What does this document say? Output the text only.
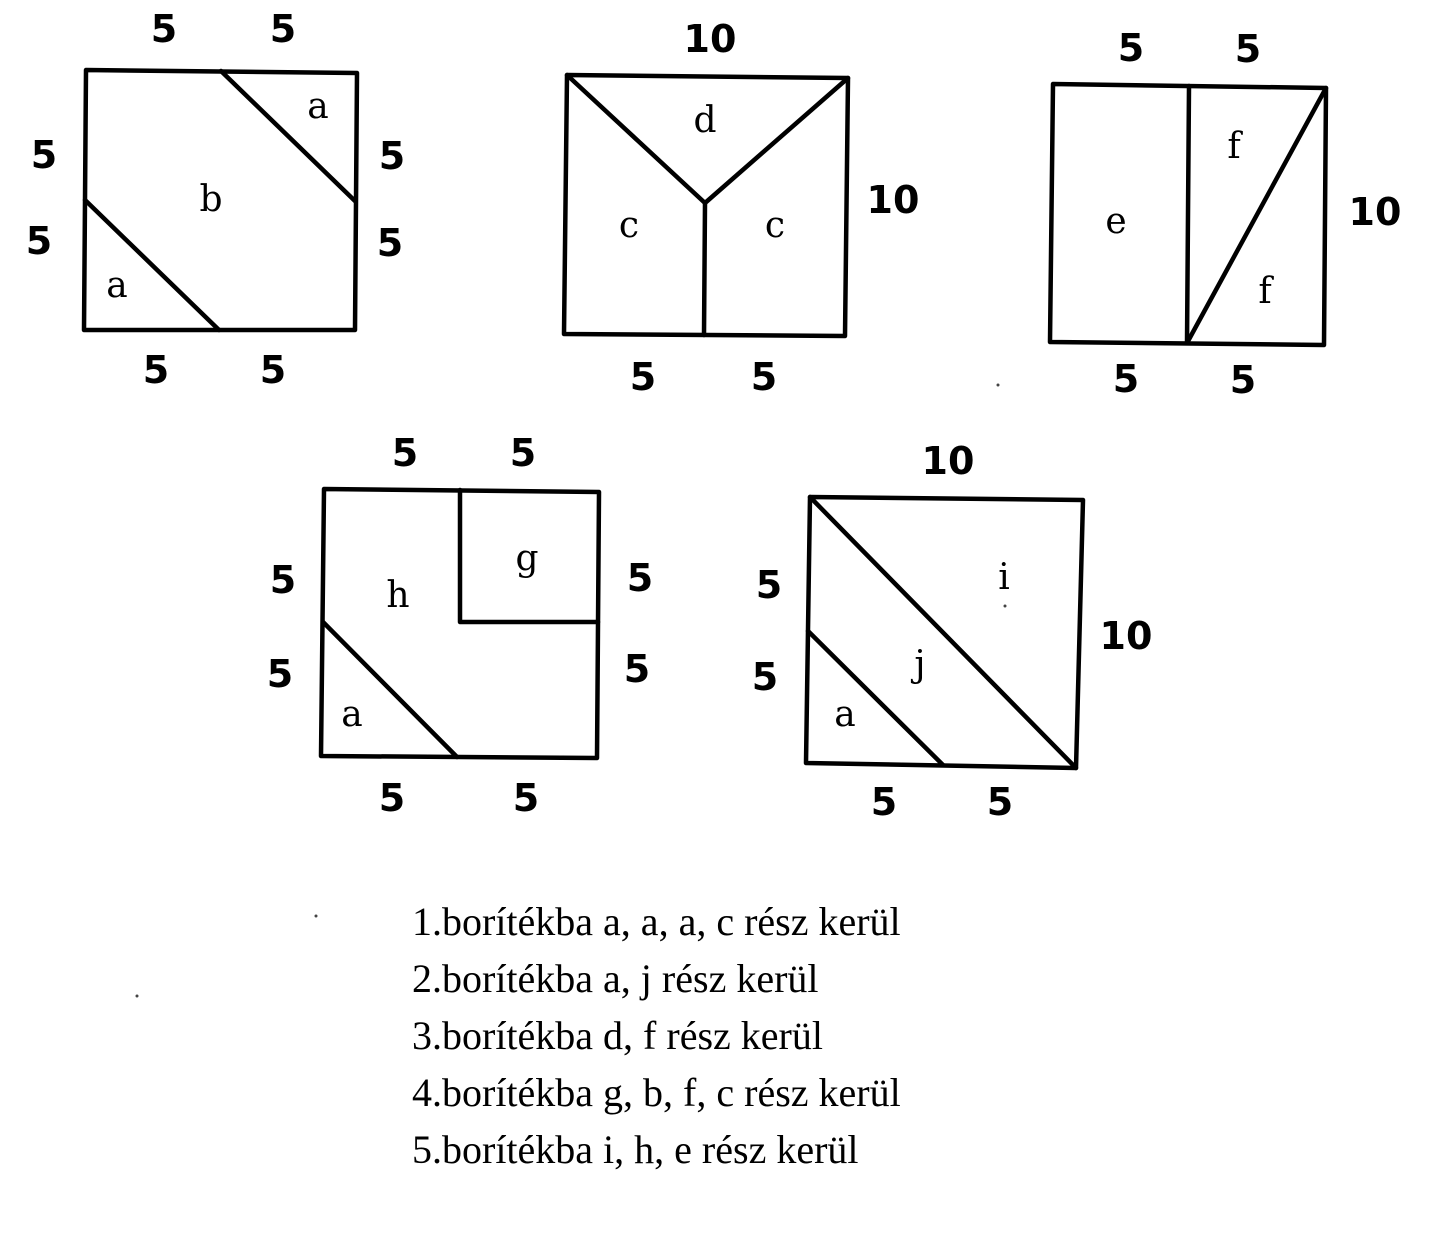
5 5
5
5
5
5
5 5
a
b
a
10
10
5 5
d
c	c
5 5
10
5 5
e
f
f
5 5
5
5
5
5
5	5
g
h
a
10
5
5
10
5 5
i
j
a
1.borítékba a, a, a, c rész kerül
2.borítékba a, j rész kerül
3.borítékba d, f rész kerül
4.borítékba g, b, f, c rész kerül
5.borítékba i, h, e rész kerül
